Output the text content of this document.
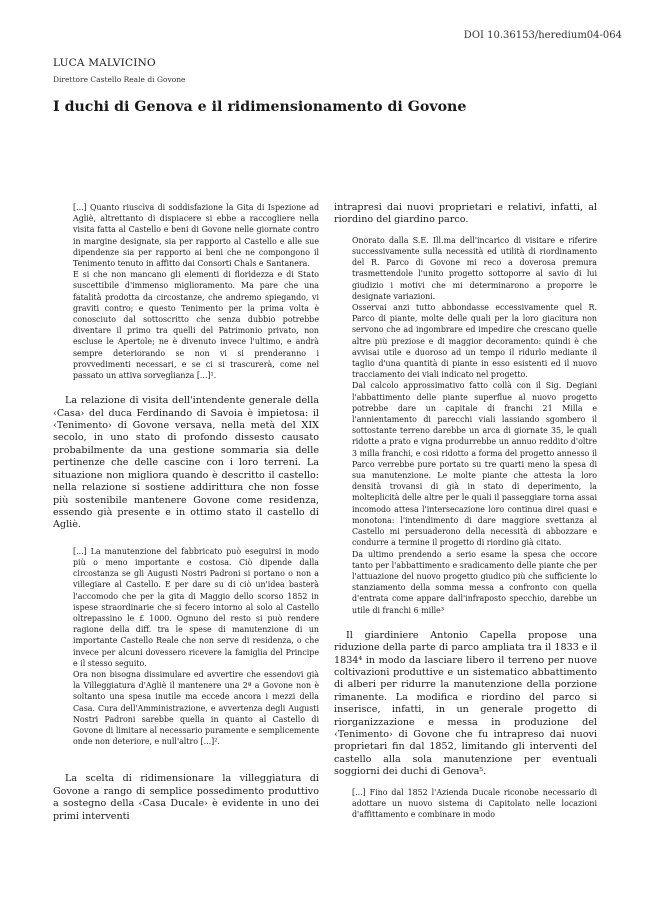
DOI 10.36153/heredium04-064
LUCA MALVICINO
Direttore Castello Reale di Govone
I duchi di Genova e il ridimensionamento di Govone

[...] Quanto riuscìva di soddisfazione la Gita di Ispezione ad Agliè, altrettanto di dispiacere si ebbe a raccogliere nella visita fatta al Castello e beni di Govone nelle giornate contro in margine designate, sia per rapporto al Castello e alle sue dipendenze sia per rapporto ai beni che ne compongono il Tenimento tenuto in affitto dai Consorti Chals e Santanera.

E si che non mancano gli elementi di floridezza e di Stato suscettibile d'immenso miglioramento. Ma pare che una fatalità prodotta da circostanze, che andremo spiegando, vi graviti contro; e questo Tenimento per la prima volta è conosciuto dal sottoscritto che senza dubbio potrebbe diventare il primo tra quelli del Patrimonio privato, non escluse le Apertole; ne è divenuto invece l'ultimo, e andrà sempre deteriorando se non vi si prenderanno i provvedimenti necessari, e se ci si trascurerà, come nel passato un attiva sorveglianza [...]¹.

La relazione di visita dell'intendente generale della ‹Casa› del duca Ferdinando di Savoia è impietosa: il ‹Tenimento› di Govone versava, nella metà del XIX secolo, in uno stato di profondo dissesto causato probabilmente da una gestione sommaria sia delle pertinenze che delle cascine con i loro terreni. La situazione non migliora quando è descritto il castello: nella relazione si sostiene addirittura che non fosse più sostenibile mantenere Govone come residenza, essendo già presente e in ottimo stato il castello di Agliè.

[...] La manutenzione del fabbricato può eseguirsi in modo più o meno importante e costosa. Ciò dipende dalla circostanza se gli Augusti Nostri Padroni si portano o non a villegiare al Castello. E per dare su di ciò un'idea basterà l'accomodo che per la gita di Maggio dello scorso 1852 in ispese straordinarie che si fecero intorno al solo al Castello oltrepassino le £ 1000. Ognuno del resto si può rendere ragione della diff. tra le spese di manutenzione di un importante Castello Reale che non serve di residenza, o che invece per alcuni dovessero ricevere la famiglia del Principe e il stesso seguito.

Ora non bisogna dissimulare ed avvertire che essendovi già la Villeggiatura d'Agliè il mantenere una 2ª a Govone non è soltanto una spesa inutile ma eccede ancora i mezzi della Casa. Cura dell'Amministrazione, e avvertenza degli Augusti Nostri Padroni sarebbe quella in quanto al Castello di Govone di limitare al necessario puramente e semplicemente onde non deteriore, e null'altro [...]².

La scelta di ridimensionare la villeggiatura di Govone a rango di semplice possedimento produttivo a sostegno della ‹Casa Ducale› è evidente in uno dei primi interventi

intrapresi dai nuovi proprietari e relativi, infatti, al riordino del giardino parco.

Onorato dalla S.E. Ill.ma dell'incarico di visitare e riferire successivamente sulla necessità ed utilità di riordinamento del R. Parco di Govone mi reco a doverosa premura trasmettendole l'unito progetto sottoporre al savio di lui giudizio i motivi che mi determinarono a proporre le designate variazioni.

Osservai anzi tutto abbondasse eccessivamente quel R. Parco di piante, molte delle quali per la loro giacitura non servono che ad ingombrare ed impedire che crescano quelle altre più preziose e di maggior decoramento: quindi è che avvisai utile e duoroso ad un tempo il ridurlo mediante il taglio d'una quantità di piante in esso esistenti ed il nuovo tracciamento dei viali indicato nel progetto.

Dal calcolo approssimativo fatto collà con il Sig. Degiani l'abbattimento delle piante superflue al nuovo progetto potrebbe dare un capitale di franchi 21 Milla e l'annientamento di parecchi viali lassiando sgombero il sottostante terreno darebbe un arca di giornate 35, le quali ridotte a prato e vigna produrrebbe un annuo reddito d'oltre 3 milla franchi, e così ridotto a forma del progetto annesso il Parco verrebbe pure portato su tre quarti meno la spesa di sua manutenzione. Le molte piante che attesta la loro densità trovansi di già in stato di deperimento, la molteplicità delle altre per le quali il passeggiare torna assai incomodo attesa l'intersecazione loro continua direi quasi e monotona: l'intendimento di dare maggiore svettanza al Castello mi persuaderono della necessità di abbozzare e condurre a termine il progetto di riordino già citato.

Da ultimo prendendo a serio esame la spesa che occore tanto per l'abbattimento e sradicamento delle piante che per l'attuazione del nuovo progetto giudico più che sufficiente lo stanziamento della somma messa a confronto con quella d'entrata come appare dall'infraposto specchio, darebbe un utile di franchi 6 mille³

Il giardiniere Antonio Capella propose una riduzione della parte di parco ampliata tra il 1833 e il 1834⁴ in modo da lasciare libero il terreno per nuove coltivazioni produttive e un sistematico abbattimento di alberi per ridurre la manutenzione della porzione rimanente. La modifica e riordino del parco si inserisce, infatti, in un generale progetto di riorganizzazione e messa in produzione del ‹Tenimento› di Govone che fu intrapreso dai nuovi proprietari fin dal 1852, limitando gli interventi del castello alla sola manutenzione per eventuali soggiorni dei duchi di Genova⁵.

[...] Fino dal 1852 l'Azienda Ducale riconobe necessario di adottare un nuovo sistema di Capitolato nelle locazioni d'affittamento e combinare in modo
